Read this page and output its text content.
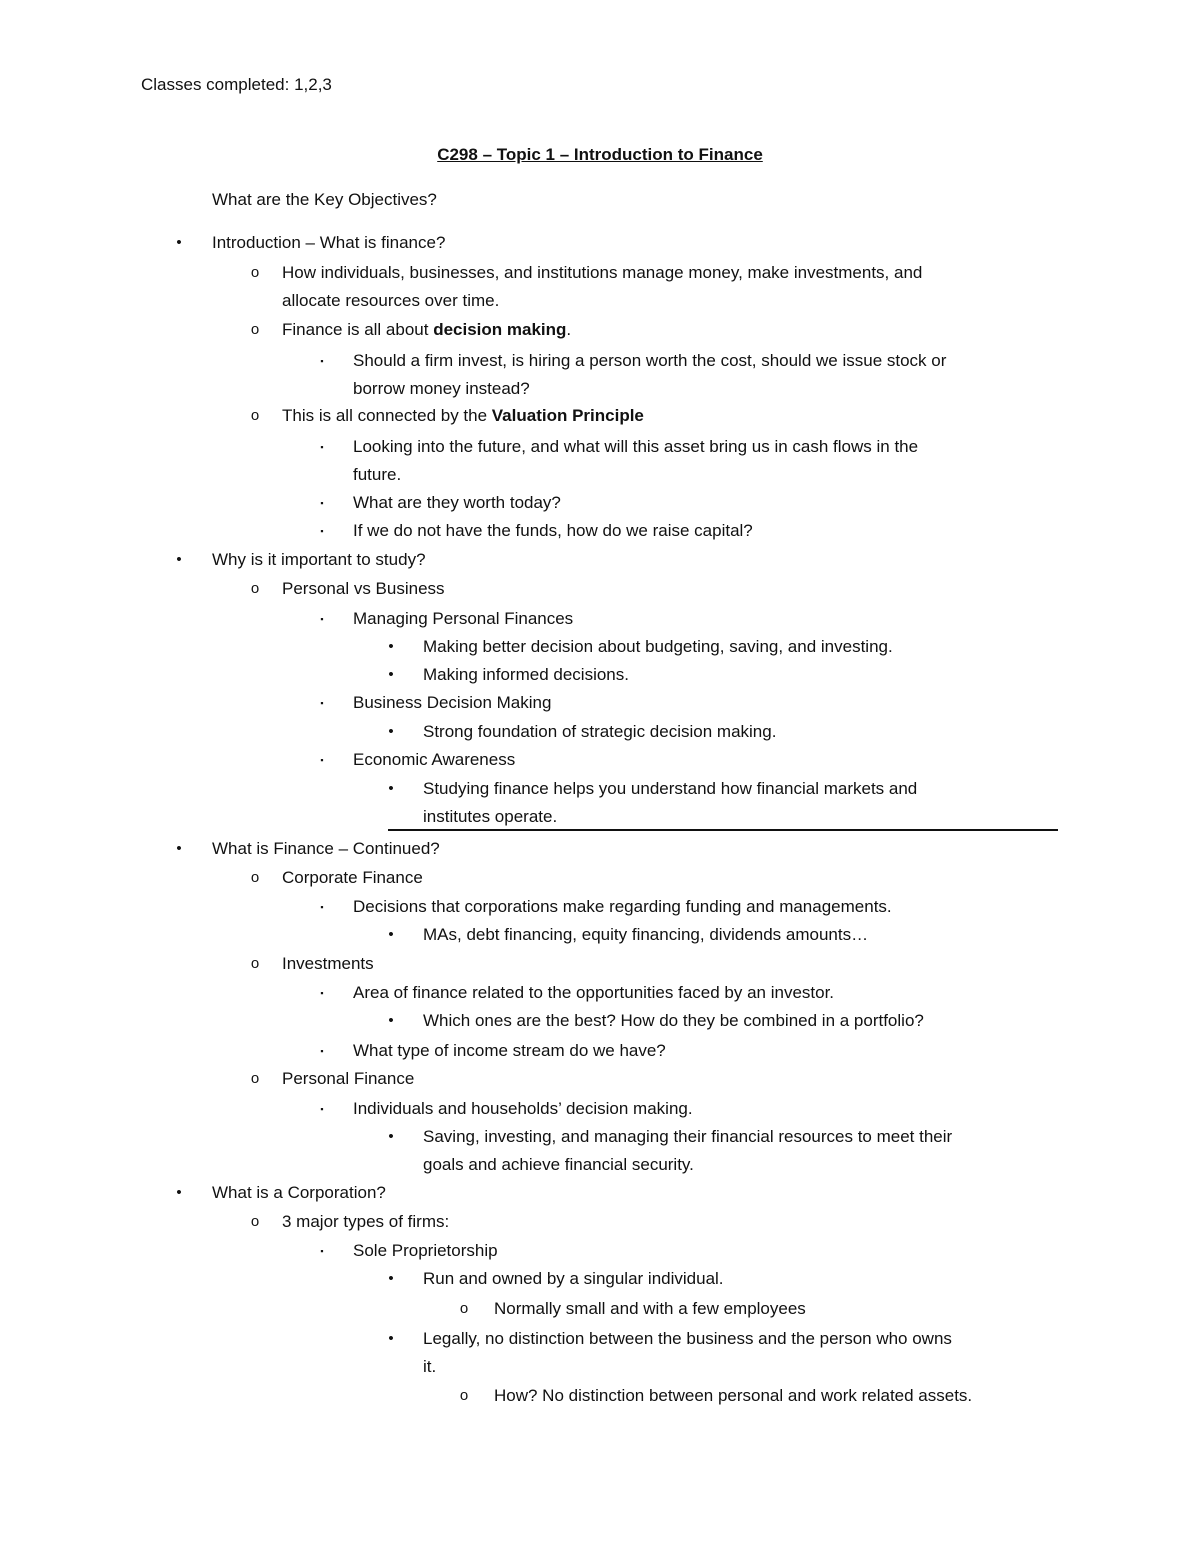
Classes completed: 1,2,3
C298 – Topic 1 – Introduction to Finance
What are the Key Objectives?
•	Introduction – What is finance?
o	How individuals, businesses, and institutions manage money, make investments, and
allocate resources over time.
o	Finance is all about decision making.
▪	Should a firm invest, is hiring a person worth the cost, should we issue stock or
borrow money instead?
o	This is all connected by the Valuation Principle
▪	Looking into the future, and what will this asset bring us in cash flows in the
future.
▪	What are they worth today?
▪	If we do not have the funds, how do we raise capital?
•	Why is it important to study?
o	Personal vs Business
▪	Managing Personal Finances
•	Making better decision about budgeting, saving, and investing.
•	Making informed decisions.
▪	Business Decision Making
•	Strong foundation of strategic decision making.
▪	Economic Awareness
•	Studying finance helps you understand how financial markets and
institutes operate.
•	What is Finance – Continued?
o	Corporate Finance
▪	Decisions that corporations make regarding funding and managements.
•	MAs, debt financing, equity financing, dividends amounts…
o	Investments
▪	Area of finance related to the opportunities faced by an investor.
•	Which ones are the best? How do they be combined in a portfolio?
▪	What type of income stream do we have?
o	Personal Finance
▪	Individuals and households’ decision making.
•	Saving, investing, and managing their financial resources to meet their
goals and achieve financial security.
•	What is a Corporation?
o	3 major types of firms:
▪	Sole Proprietorship
•	Run and owned by a singular individual.
o	Normally small and with a few employees
•	Legally, no distinction between the business and the person who owns
it.
o	How? No distinction between personal and work related assets.
